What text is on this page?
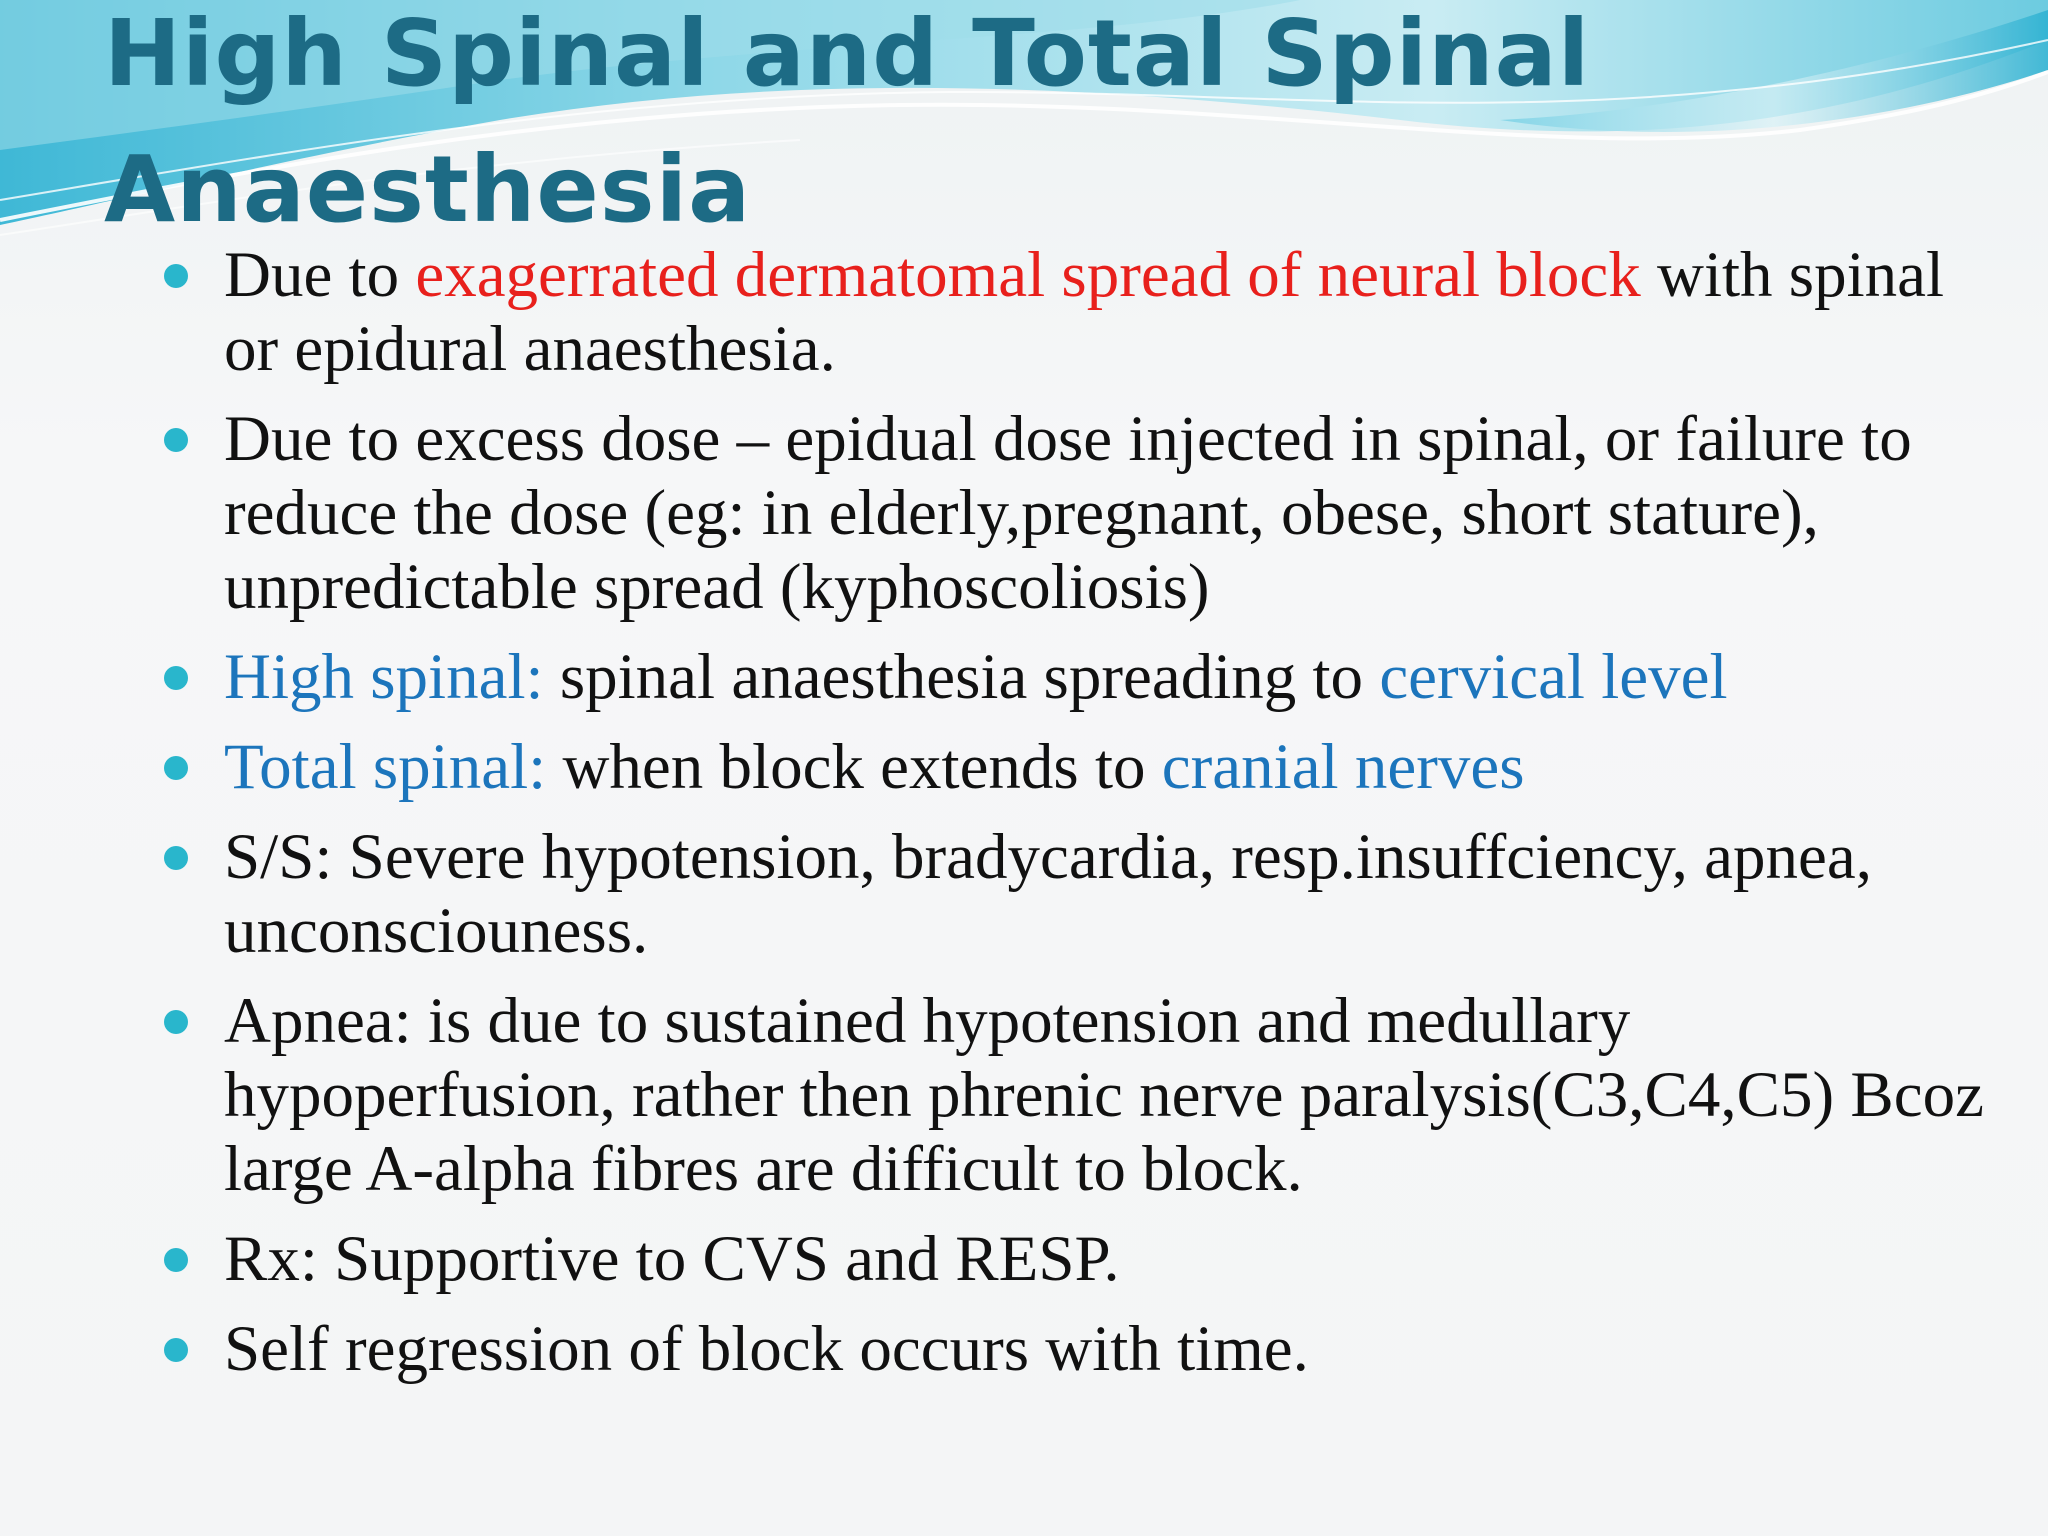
High Spinal and Total Spinal
Anaesthesia
Due to exagerrated dermatomal spread of neural block with spinal or epidural anaesthesia.
Due to excess dose – epidual dose injected in spinal, or failure to reduce the dose (eg: in elderly,pregnant, obese, short stature), unpredictable spread (kyphoscoliosis)
High spinal: spinal anaesthesia spreading to cervical level
Total spinal: when block extends to cranial nerves
S/S: Severe hypotension, bradycardia, resp.insuffciency, apnea, unconsciouness.
Apnea: is due to sustained hypotension and medullary hypoperfusion, rather then phrenic nerve paralysis(C3,C4,C5) Bcoz large A-alpha fibres are difficult to block.
Rx: Supportive to CVS and RESP.
Self regression of block occurs with time.
